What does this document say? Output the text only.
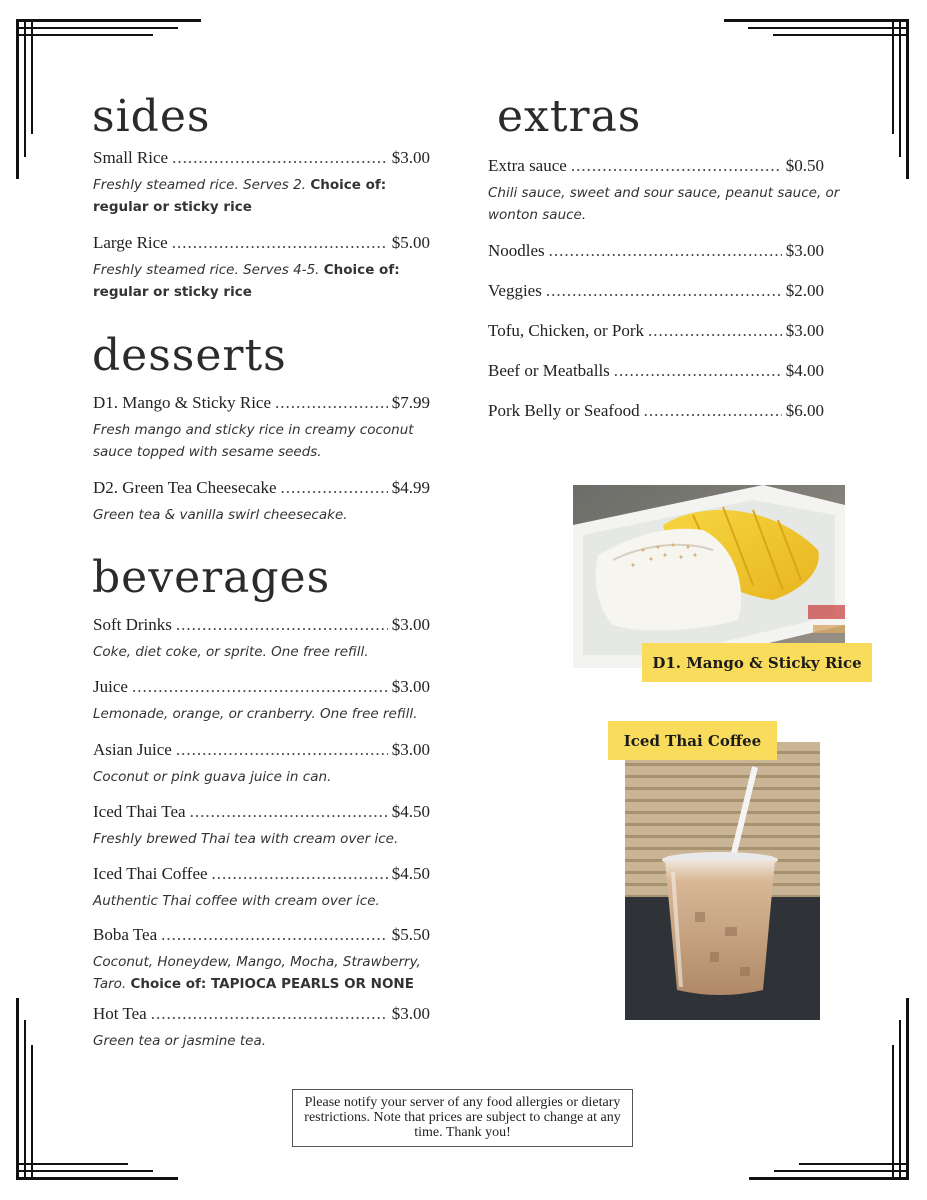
sides
Small Rice .....	$3.00
Freshly steamed rice. Serves 2. Choice of: regular or sticky rice
Large Rice .....	$5.00
Freshly steamed rice. Serves 4-5. Choice of: regular or sticky rice
desserts
D1. Mango & Sticky Rice .....	$7.99
Fresh mango and sticky rice in creamy coconut sauce topped with sesame seeds.
D2. Green Tea Cheesecake .....	$4.99
Green tea & vanilla swirl cheesecake.
beverages
Soft Drinks .....	$3.00
Coke, diet coke, or sprite. One free refill.
Juice .....	$3.00
Lemonade, orange, or cranberry. One free refill.
Asian Juice .....	$3.00
Coconut or pink guava juice in can.
Iced Thai Tea .....	$4.50
Freshly brewed Thai tea with cream over ice.
Iced Thai Coffee .....	$4.50
Authentic Thai coffee with cream over ice.
Boba Tea .....	$5.50
Coconut, Honeydew, Mango, Mocha, Strawberry, Taro. Choice of: TAPIOCA PEARLS OR NONE
Hot Tea .....	$3.00
Green tea or jasmine tea.
extras
Extra sauce .....	$0.50
Chili sauce, sweet and sour sauce, peanut sauce, or wonton sauce.
Noodles .....	$3.00
Veggies .....	$2.00
Tofu, Chicken, or Pork .....	$3.00
Beef or Meatballs .....	$4.00
Pork Belly or Seafood .....	$6.00
D1. Mango & Sticky Rice
Iced Thai Coffee
Please notify your server of any food allergies or dietary restrictions. Note that prices are subject to change at any time. Thank you!
